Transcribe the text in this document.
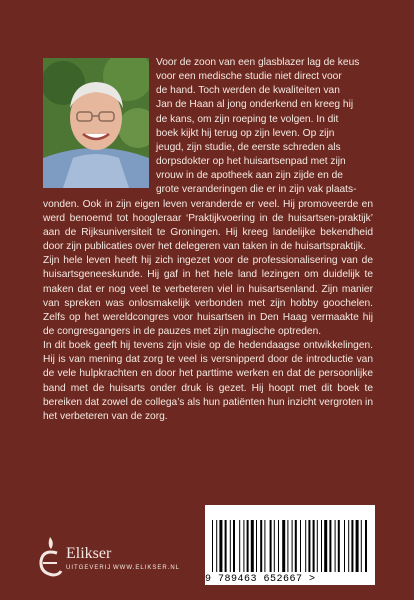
Voor de zoon van een glasblazer lag de keus
voor een medische studie niet direct voor
de hand. Toch werden de kwaliteiten van
Jan de Haan al jong onderkend en kreeg hij
de kans, om zijn roeping te volgen. In dit
boek kijkt hij terug op zijn leven. Op zijn
jeugd, zijn studie, de eerste schreden als
dorpsdokter op het huisartsenpad met zijn
vrouw in de apotheek aan zijn zijde en de
grote veranderingen die er in zijn vak plaats-
vonden. Ook in zijn eigen leven veranderde er veel. Hij promoveerde en werd benoemd tot hoogleraar ‘Praktijkvoering in de huisartsen-praktijk’ aan de Rijksuniversiteit te Groningen. Hij kreeg landelijke bekendheid door zijn publicaties over het delegeren van taken in de huisartspraktijk.

Zijn hele leven heeft hij zich ingezet voor de professionalisering van de huisartsgeneeskunde. Hij gaf in het hele land lezingen om duidelijk te maken dat er nog veel te verbeteren viel in huisartsenland. Zijn manier van spreken was onlosmakelijk verbonden met zijn hobby goochelen. Zelfs op het wereldcongres voor huisartsen in Den Haag vermaakte hij de congresgangers in de pauzes met zijn magische optreden.

In dit boek geeft hij tevens zijn visie op de hedendaagse ontwikkelingen. Hij is van mening dat zorg te veel is versnipperd door de introductie van de vele hulpkrachten en door het parttime werken en dat de persoonlijke band met de huisarts onder druk is gezet. Hij hoopt met dit boek te bereiken dat zowel de collega’s als hun patiënten hun inzicht vergroten in het verbeteren van de zorg.

9 789463 652667 >
Elikser
UITGEVERIJ WWW.ELIKSER.NL
